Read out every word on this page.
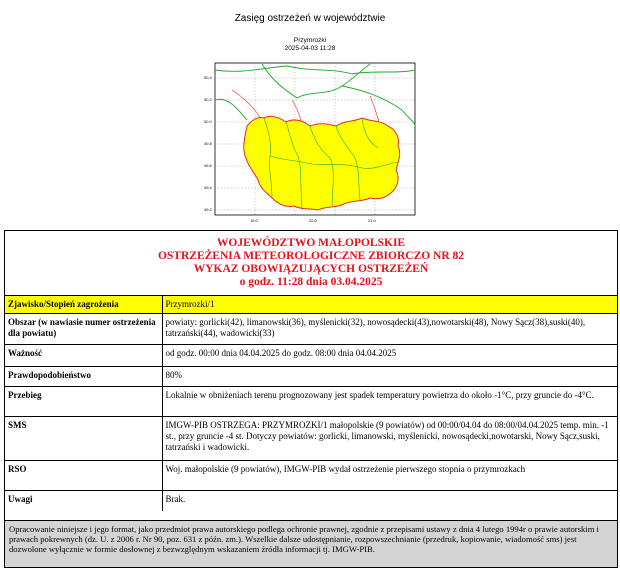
Zasięg ostrzeżeń w województwie
Przymrozki
2025-04-03 11:28
50.4
50.2
50.0
49.8
49.6
49.4
49.2
19.0	20.0	21.0
WOJEWÓDZTWO MAŁOPOLSKIE
OSTRZEŻENIA METEOROLOGICZNE ZBIORCZO NR 82
WYKAZ OBOWIĄZUJĄCYCH OSTRZEŻEŃ
o godz. 11:28 dnia 03.04.2025
Zjawisko/Stopień zagrożenia	Przymrozki/1
Obszar (w nawiasie numer ostrzeżenia dla powiatu)	powiaty: gorlicki(42), limanowski(36), myślenicki(32), nowosądecki(43),nowotarski(48), Nowy Sącz(38),suski(40), tatrzański(44), wadowicki(33)
Ważność	od godz. 00:00 dnia 04.04.2025 do godz. 08:00 dnia 04.04.2025
Prawdopodobieństwo	80%
Przebieg	Lokalnie w obniżeniach terenu prognozowany jest spadek temperatury powietrza do około -1°C, przy gruncie do -4°C.
SMS	IMGW-PIB OSTRZEGA: PRZYMROZKI/1 małopolskie (9 powiatów) od 00:00/04.04 do 08:00/04.04.2025 temp. min. -1 st., przy gruncie -4 st. Dotyczy powiatów: gorlicki, limanowski, myślenicki, nowosądecki,nowotarski, Nowy Sącz,suski, tatrzański i wadowicki.
RSO	Woj. małopolskie (9 powiatów), IMGW-PIB wydał ostrzeżenie pierwszego stopnia o przymrozkach
Uwagi	Brak.
Opracowanie niniejsze i jego format, jako przedmiot prawa autorskiego podlega ochronie prawnej, zgodnie z przepisami ustawy z dnia 4 lutego 1994r o prawie autorskim i prawach pokrewnych (dz. U. z 2006 r. Nr 90, poz. 631 z późn. zm.). Wszelkie dalsze udostępnianie, rozpowszechnianie (przedruk, kopiowanie, wiadomość sms) jest dozwolone wyłącznie w formie dosłownej z bezwzględnym wskazaniem źródła informacji tj. IMGW-PIB.
